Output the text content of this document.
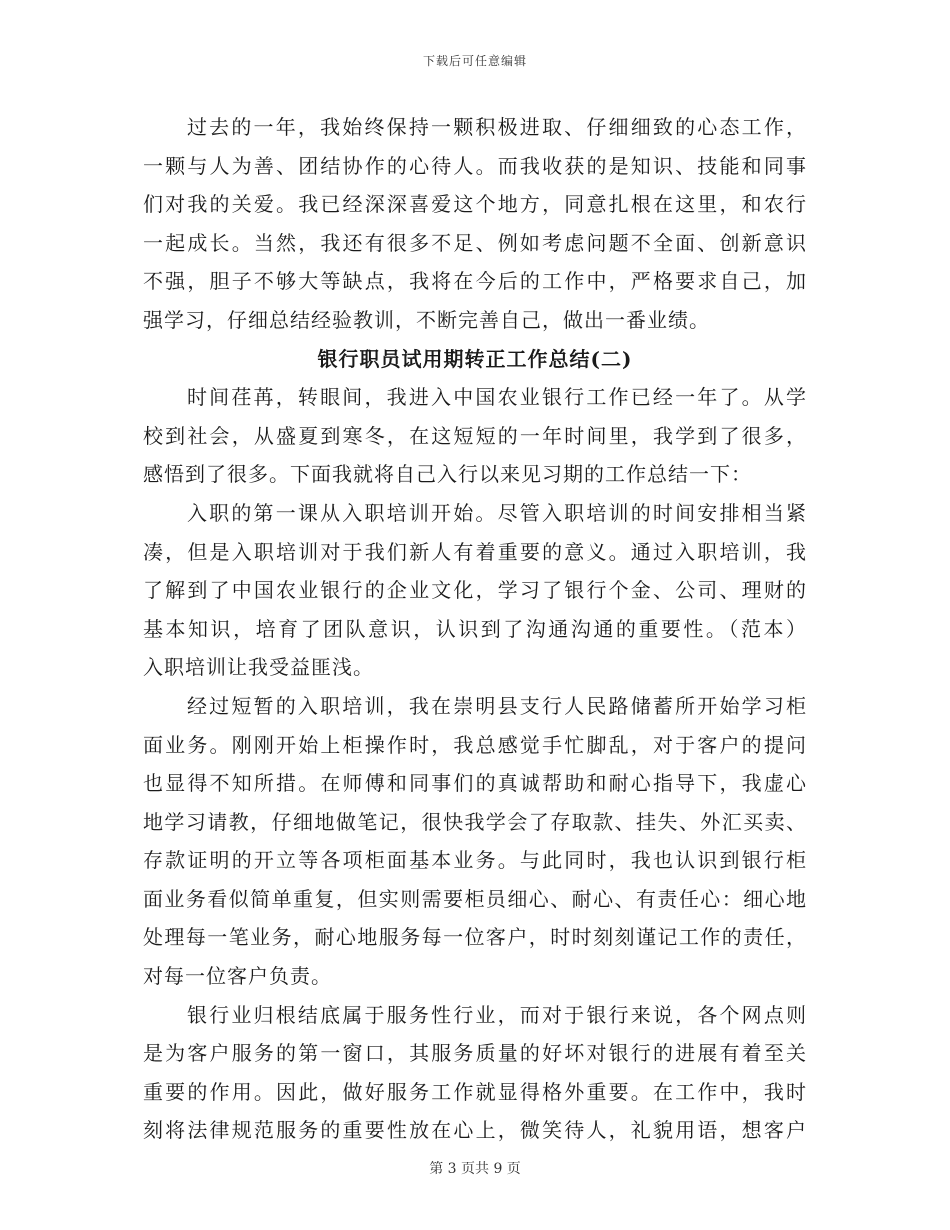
下载后可任意编辑
过去的一年，我始终保持一颗积极进取、仔细细致的心态工作，
一颗与人为善、团结协作的心待人。而我收获的是知识、技能和同事
们对我的关爱。我已经深深喜爱这个地方，同意扎根在这里，和农行
一起成长。当然，我还有很多不足、例如考虑问题不全面、创新意识
不强，胆子不够大等缺点，我将在今后的工作中，严格要求自己，加
强学习，仔细总结经验教训，不断完善自己，做出一番业绩。
银行职员试用期转正工作总结(二)
时间荏苒，转眼间，我进入中国农业银行工作已经一年了。从学
校到社会，从盛夏到寒冬，在这短短的一年时间里，我学到了很多，
感悟到了很多。下面我就将自己入行以来见习期的工作总结一下：
入职的第一课从入职培训开始。尽管入职培训的时间安排相当紧
凑，但是入职培训对于我们新人有着重要的意义。通过入职培训，我
了解到了中国农业银行的企业文化，学习了银行个金、公司、理财的
基本知识，培育了团队意识，认识到了沟通沟通的重要性。（范本）
入职培训让我受益匪浅。
经过短暂的入职培训，我在崇明县支行人民路储蓄所开始学习柜
面业务。刚刚开始上柜操作时，我总感觉手忙脚乱，对于客户的提问
也显得不知所措。在师傅和同事们的真诚帮助和耐心指导下，我虚心
地学习请教，仔细地做笔记，很快我学会了存取款、挂失、外汇买卖、
存款证明的开立等各项柜面基本业务。与此同时，我也认识到银行柜
面业务看似简单重复，但实则需要柜员细心、耐心、有责任心：细心地
处理每一笔业务，耐心地服务每一位客户，时时刻刻谨记工作的责任，
对每一位客户负责。
银行业归根结底属于服务性行业，而对于银行来说，各个网点则
是为客户服务的第一窗口，其服务质量的好坏对银行的进展有着至关
重要的作用。因此，做好服务工作就显得格外重要。在工作中，我时
刻将法律规范服务的重要性放在心上，微笑待人，礼貌用语，想客户
第 3 页共 9 页
